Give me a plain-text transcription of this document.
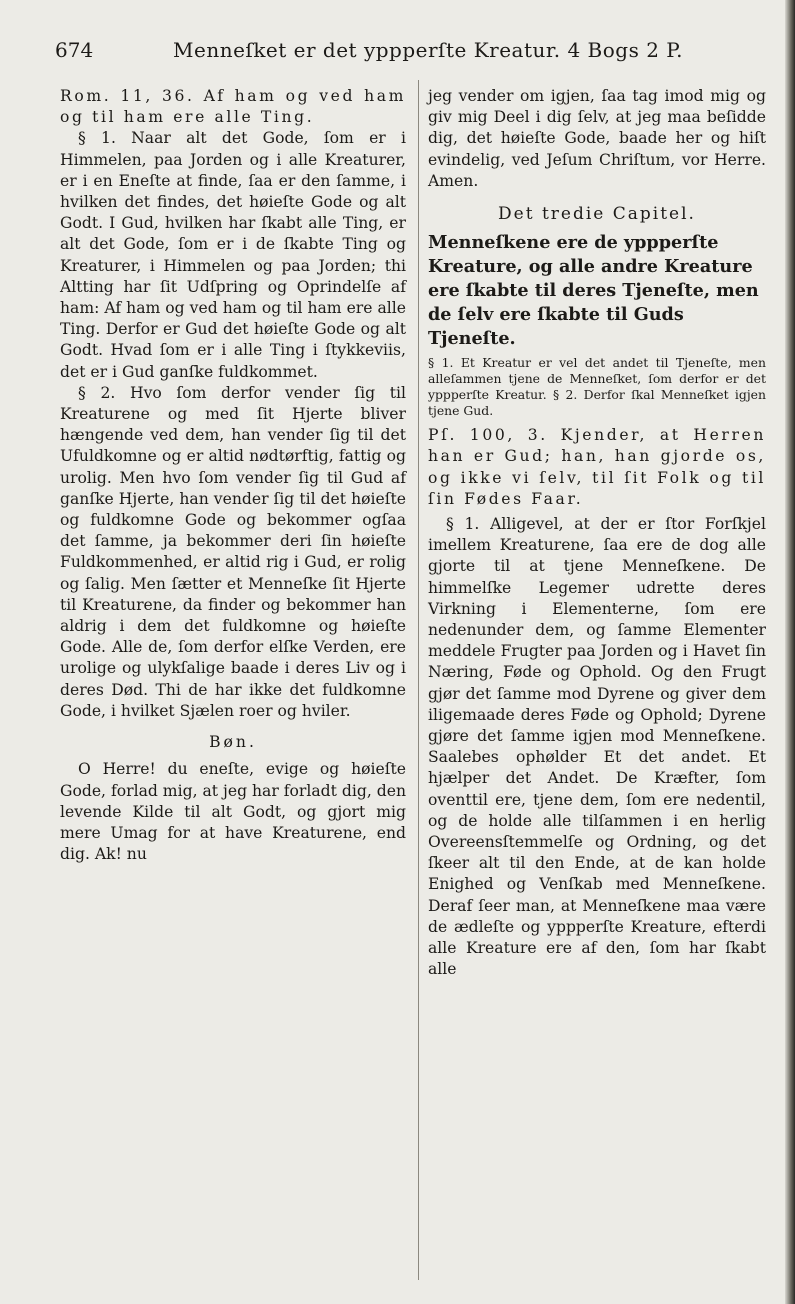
674	Menneſket er det yppperſte Kreatur. 4 Bogs 2 P.

Rom. 11, 36. Af ham og ved ham og til ham ere alle Ting.

§ 1. Naar alt det Gode, ſom er i Himmelen, paa Jorden og i alle Kreaturer, er i en Eneſte at finde, ſaa er den ſamme, i hvilken det findes, det høieſte Gode og alt Godt. I Gud, hvilken har ſkabt alle Ting, er alt det Gode, ſom er i de ſkabte Ting og Kreaturer, i Himmelen og paa Jorden; thi Altting har ſit Udſpring og Oprindelſe af ham: Af ham og ved ham og til ham ere alle Ting. Derfor er Gud det høieſte Gode og alt Godt. Hvad ſom er i alle Ting i ſtykkeviis, det er i Gud ganſke fuldkommet.

§ 2. Hvo ſom derfor vender ſig til Kreaturene og med ſit Hjerte bliver hængende ved dem, han vender ſig til det Ufuldkomne og er altid nødtørftig, fattig og urolig. Men hvo ſom vender ſig til Gud af ganſke Hjerte, han vender ſig til det høieſte og fuldkomne Gode og bekommer ogſaa det ſamme, ja bekommer deri ſin høieſte Fuldkommenhed, er altid rig i Gud, er rolig og ſalig. Men ſætter et Menneſke ſit Hjerte til Kreaturene, da finder og bekommer han aldrig i dem det fuldkomne og høieſte Gode. Alle de, ſom derfor elſke Verden, ere urolige og ulykſalige baade i deres Liv og i deres Død. Thi de har ikke det fuldkomne Gode, i hvilket Sjælen roer og hviler.

Bøn.

O Herre! du eneſte, evige og høieſte Gode, forlad mig, at jeg har forladt dig, den levende Kilde til alt Godt, og gjort mig mere Umag for at have Kreaturene, end dig. Ak! nu

jeg vender om igjen, ſaa tag imod mig og giv mig Deel i dig ſelv, at jeg maa beſidde dig, det høieſte Gode, baade her og hiſt evindelig, ved Jeſum Chriſtum, vor Herre. Amen.

Det tredie Capitel.

Menneſkene ere de yppperſte Kreature, og alle andre Kreature ere ſkabte til deres Tjeneſte, men de ſelv ere ſkabte til Guds Tjeneſte.

§ 1. Et Kreatur er vel det andet til Tjeneſte, men alleſammen tjene de Menneſket, ſom derfor er det yppperſte Kreatur. § 2. Derfor ſkal Menneſket igjen tjene Gud.

Pſ. 100, 3. Kjender, at Herren han er Gud; han, han gjorde os, og ikke vi ſelv, til ſit Folk og til ſin Fødes Faar.

§ 1. Alligevel, at der er ſtor Forſkjel imellem Kreaturene, ſaa ere de dog alle gjorte til at tjene Menneſkene. De himmelſke Legemer udrette deres Virkning i Elementerne, ſom ere nedenunder dem, og ſamme Elementer meddele Frugter paa Jorden og i Havet ſin Næring, Føde og Ophold. Og den Frugt gjør det ſamme mod Dyrene og giver dem iligemaade deres Føde og Ophold; Dyrene gjøre det ſamme igjen mod Menneſkene. Saalebes ophølder Et det andet. Et hjælper det Andet. De Kræfter, ſom oventtil ere, tjene dem, ſom ere nedentil, og de holde alle tilſammen i en herlig Overeensſtemmelſe og Ordning, og det ſkeer alt til den Ende, at de kan holde Enighed og Venſkab med Menneſkene. Deraf ſeer man, at Menneſkene maa være de ædleſte og yppperſte Kreature, efterdi alle Kreature ere af den, ſom har ſkabt alle
